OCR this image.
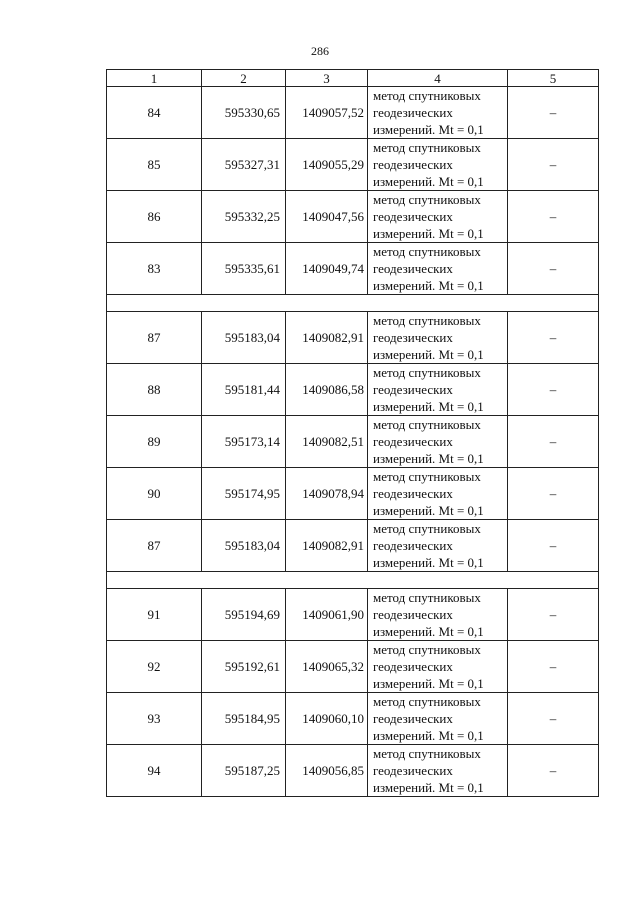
286
1	2	3	4	5
84	595330,65	1409057,52	метод спутниковых
геодезических
измерений. Mt = 0,1	–
85	595327,31	1409055,29	метод спутниковых
геодезических
измерений. Mt = 0,1	–
86	595332,25	1409047,56	метод спутниковых
геодезических
измерений. Mt = 0,1	–
83	595335,61	1409049,74	метод спутниковых
геодезических
измерений. Mt = 0,1	–

87	595183,04	1409082,91	метод спутниковых
геодезических
измерений. Mt = 0,1	–
88	595181,44	1409086,58	метод спутниковых
геодезических
измерений. Mt = 0,1	–
89	595173,14	1409082,51	метод спутниковых
геодезических
измерений. Mt = 0,1	–
90	595174,95	1409078,94	метод спутниковых
геодезических
измерений. Mt = 0,1	–
87	595183,04	1409082,91	метод спутниковых
геодезических
измерений. Mt = 0,1	–

91	595194,69	1409061,90	метод спутниковых
геодезических
измерений. Mt = 0,1	–
92	595192,61	1409065,32	метод спутниковых
геодезических
измерений. Mt = 0,1	–
93	595184,95	1409060,10	метод спутниковых
геодезических
измерений. Mt = 0,1	–
94	595187,25	1409056,85	метод спутниковых
геодезических
измерений. Mt = 0,1	–
